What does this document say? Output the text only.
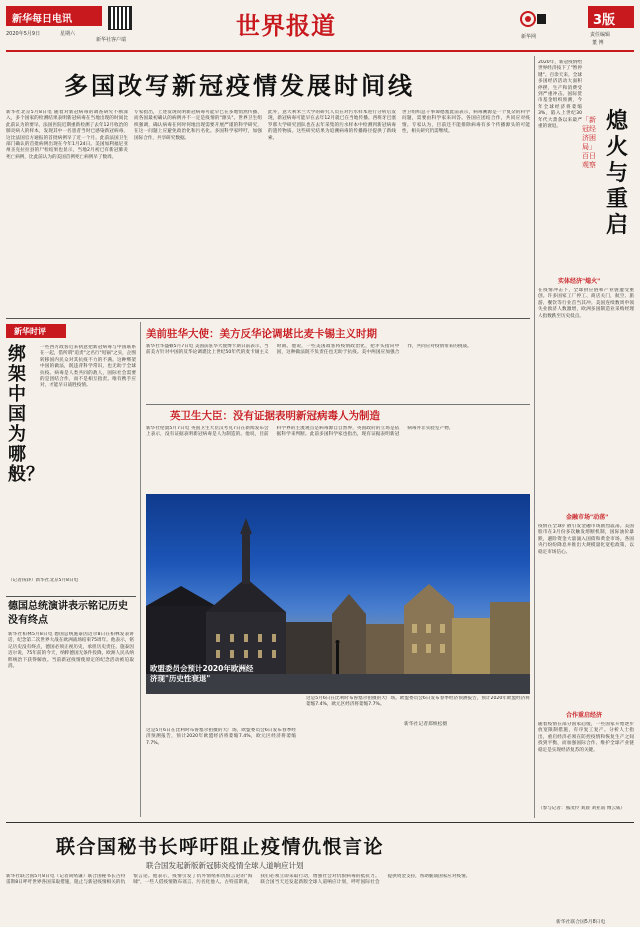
新华每日电讯
2020年5月9日	星期六
新华社客户端	世界报道	新华网
3版
责任编辑
董 博
多国改写新冠疫情发展时间线
新华社北京5月8日电 随着对新冠病毒的调查研究不断深入，多个国家的检测结果表明新冠病毒在当地出现的时间比此前认为的要早。法国医院近期重新检测了去年12月收治的肺炎病人的样本，发现其中一名患者当时已感染新冠病毒，这比法国官方通报的首批病例早了近一个月。此前法国卫生部门确认的首批病例出现在今年1月24日。美国加利福尼亚州圣克拉拉县的尸检结果也显示，当地2月初已有新冠肺炎死亡病例，比此前认为的美国首例死亡病例早了数周。
专家指出，上述发现说明新冠病毒可能早已在多地悄然传播，而各国最初确认的病例并不一定是疫情的"源头"。世界卫生组织强调，确认病毒在何时何地出现需要开展严谨的科学研究，在这一问题上应避免政治化和污名化。多国科学家呼吁，加强国际合作，共享研究数据。
此外，意大利米兰大学的研究人员在对污水样本进行分析后发现，新冠病毒可能早在去年12月就已在当地传播。西班牙巴塞罗那大学研究团队也在去年采集的污水样本中检测到新冠病毒的遗传物质。这些研究结果为追溯病毒的传播路径提供了新线索。
世卫组织总干事谭德塞此前表示，病毒溯源是一个复杂的科学问题，需要由科学家来回答。各国应团结合作，共同应对疫情。专家认为，目前还不能排除病毒有多个传播源头的可能性，相关研究仍需继续。
新华时评
绑架中国为哪般？
一些西方政客近来执意把新冠病毒与中国联系在一起，借所谓"追责"之名行"甩锅"之实，企图转移国内民众对其抗疫不力的不满。这种绑架中国的做法，既违背科学常识，也无助于全球抗疫。病毒是人类共同的敌人，国际社会需要的是团结合作，而不是相互指责。唯有携手应对，才能早日战胜疫情。
（记者钱铮）新华社北京5月8日电
德国总统演讲表示铭记历史没有终点
新华社柏林5月8日电 德国总统施泰因迈尔8日在柏林发表讲话，纪念第二次世界大战在欧洲战场结束75周年。他表示，铭记历史没有终点，德国必须正视历史，承担历史责任。施泰因迈尔说，75年前的今天，纳粹德国无条件投降，欧洲人民从纳粹统治下获得解放。当前新冠疫情使原定的纪念活动被迫取消。
美前驻华大使：美方反华论调堪比麦卡锡主义时期
新华社华盛顿5月7日电 美国前驻华大使博卡斯日前表示，当前美方针对中国的反华论调堪比上世纪50年代的麦卡锡主义时期。他说，一些美国政客将疫情政治化，把矛头指向中国，这种做法既不负责任也无助于抗疫。美中两国应加强合作，共同应对疫情带来的挑战。
英卫生大臣：没有证据表明新冠病毒人为制造
新华社伦敦5月7日电 英国卫生大臣汉考克7日在新闻发布会上表示，没有证据表明新冠病毒是人为制造的。他说，目前科学界的主流观点是病毒源自自然界，英国政府的立场是依据科学来判断。此前多国科学家也指出，现有证据表明新冠病毒并非实验室产物。
欧盟委员会预计2020年欧洲经济现"历史性衰退"
这是5月6日在比利时布鲁塞尔拍摄的大广场。欧盟委员会6日发布春季经济预测报告，预计2020年欧盟经济将萎缩7.4%，欧元区经济将萎缩7.7%。
新华社记者郑焕松摄
这是5月6日在比利时布鲁塞尔拍摄的大广场。欧盟委员会6日发布春季经济预测报告，预计2020年欧盟经济将萎缩7.4%，欧元区经济将萎缩7.7%。
熄火与重启
「新冠经济困局」百日观察
2020年，新冠疫情给世界经济按下了"暂停键"。百余天来，全球多国经济活动大面积停摆，生产和消费受到严重冲击。国际货币基金组织预测，今年全球经济将萎缩3%，陷入上世纪30年代大萧条以来最严重的衰退。
实体经济"熄火"
在疫情冲击下，全球供应链和产业链遭受重创。许多国家工厂停工、商店关门，航空、旅游、餐饮等行业首当其冲。美国连续数周申领失业救济人数激增，欧洲多国制造业采购经理人指数跌至历史低点。
金融市场"动荡"
疫情在全球扩散引发金融市场剧烈震荡。美国股市在3月份多次触发熔断机制，国际油价暴跌，避险资金大量涌入国债和黄金市场。各国央行纷纷降息并推出大规模量化宽松政策，以稳定市场信心。
合作重启经济
随着疫情在部分国家趋缓，一些国家开始逐步放宽限制措施，有序复工复产。分析人士指出，重启经济必须在防控疫情和恢复生产之间找到平衡，而加强国际合作、维护全球产业链稳定是实现经济复苏的关键。
（参与记者：熊茂伶 刘晨 刘亚南 傅云威）
联合国秘书长呼吁阻止疫情仇恨言论
联合国发起新版新冠肺炎疫情全球人道响应计划
新华社联合国5月8日电（记者尚绪谦）联合国秘书长古特雷斯8日呼吁世界各国采取措施，阻止与新冠疫情相关的仇恨言论。他表示，疫情引发了仇外情绪和仇恨言论的"海啸"，一些人借疫情散布谣言、污名化他人。古特雷斯说，我们必须立即采取行动，增强社会对仇恨病毒的抵抗力。联合国当天还发起新版全球人道响应计划，呼吁国际社会提供资金支持，帮助脆弱国家应对疫情。
新华社联合国5月8日电
